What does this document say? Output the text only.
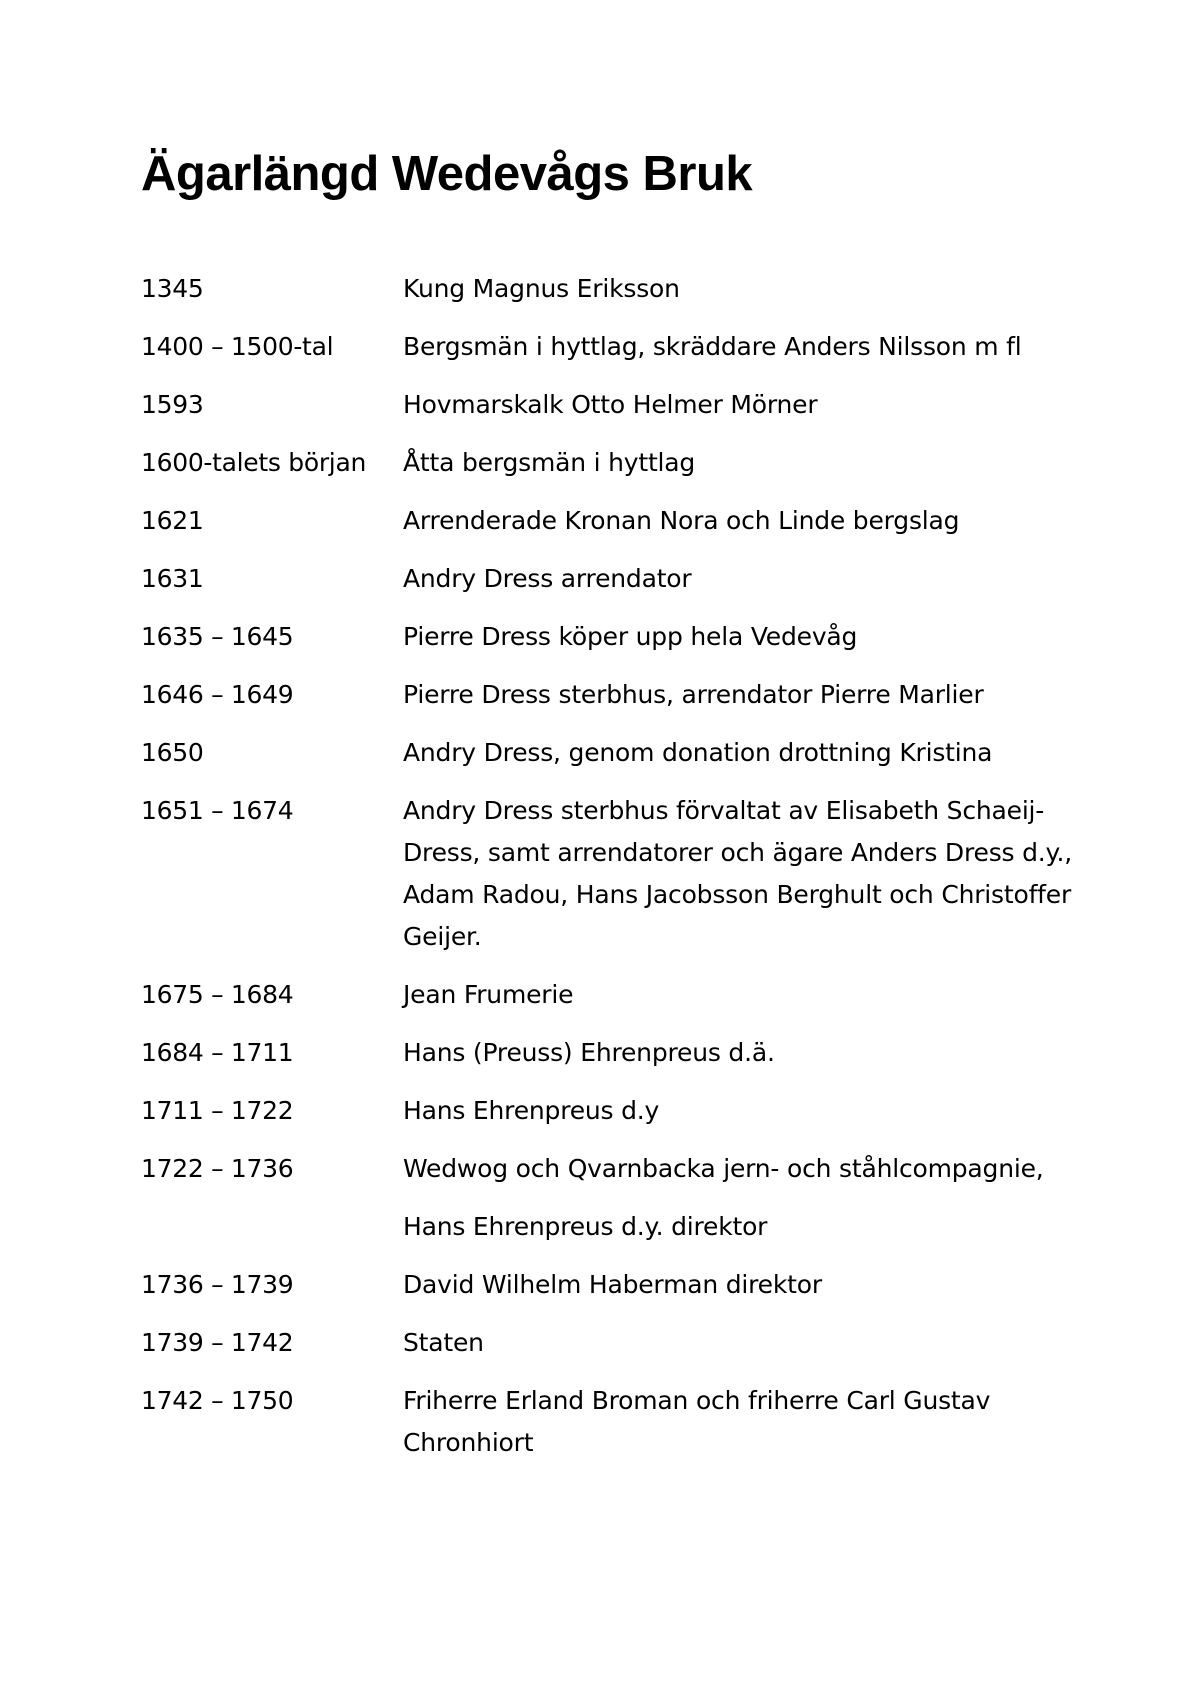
Ägarlängd Wedevågs Bruk
1345	Kung Magnus Eriksson
1400 – 1500-tal	Bergsmän i hyttlag, skräddare Anders Nilsson m fl
1593	Hovmarskalk Otto Helmer Mörner
1600-talets början	Åtta bergsmän i hyttlag
1621	Arrenderade Kronan Nora och Linde bergslag
1631	Andry Dress arrendator
1635 – 1645	Pierre Dress köper upp hela Vedevåg
1646 – 1649	Pierre Dress sterbhus, arrendator Pierre Marlier
1650	Andry Dress, genom donation drottning Kristina
1651 – 1674	Andry Dress sterbhus förvaltat av Elisabeth Schaeij-Dress, samt arrendatorer och ägare Anders Dress d.y., Adam Radou, Hans Jacobsson Berghult och Christoffer Geijer.
1675 – 1684	Jean Frumerie
1684 – 1711	Hans (Preuss) Ehrenpreus d.ä.
1711 – 1722	Hans Ehrenpreus d.y
1722 – 1736	Wedwog och Qvarnbacka jern- och ståhlcompagnie,
Hans Ehrenpreus d.y. direktor
1736 – 1739	David Wilhelm Haberman direktor
1739 – 1742	Staten
1742 – 1750	Friherre Erland Broman och friherre Carl Gustav Chronhiort
